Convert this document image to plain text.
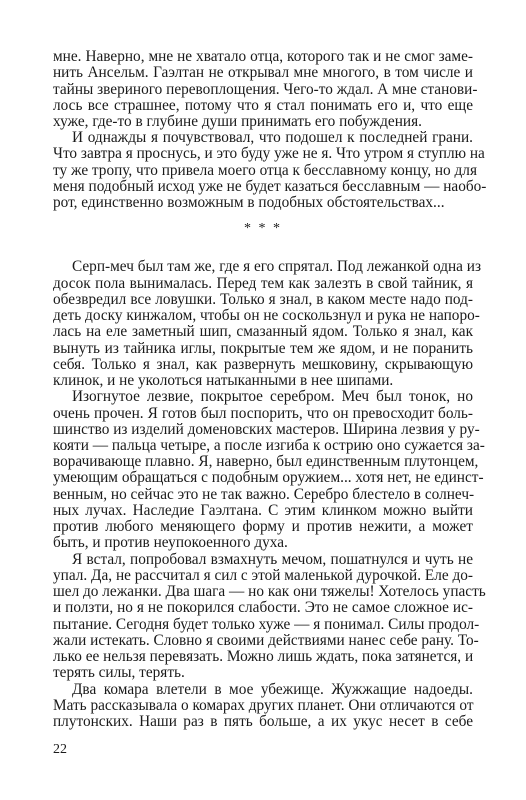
мне. Наверно, мне не хватало отца, которого так и не смог заме-
нить Ансельм. Гаэлтан не открывал мне многого, в том числе и
тайны звериного перевоплощения. Чего-то ждал. А мне станови-
лось все страшнее, потому что я стал понимать его и, что еще
хуже, где-то в глубине души принимать его побуждения.
И однажды я почувствовал, что подошел к последней грани.
Что завтра я проснусь, и это буду уже не я. Что утром я ступлю на
ту же тропу, что привела моего отца к бесславному концу, но для
меня подобный исход уже не будет казаться бесславным — наобо-
рот, единственно возможным в подобных обстоятельствах...
* * *
Серп-меч был там же, где я его спрятал. Под лежанкой одна из
досок пола вынималась. Перед тем как залезть в свой тайник, я
обезвредил все ловушки. Только я знал, в каком месте надо под-
деть доску кинжалом, чтобы он не соскользнул и рука не напоро-
лась на еле заметный шип, смазанный ядом. Только я знал, как
вынуть из тайника иглы, покрытые тем же ядом, и не поранить
себя. Только я знал, как развернуть мешковину, скрывающую
клинок, и не уколоться натыканными в нее шипами.
Изогнутое лезвие, покрытое серебром. Меч был тонок, но
очень прочен. Я готов был поспорить, что он превосходит боль-
шинство из изделий доменовских мастеров. Ширина лезвия у ру-
кояти — пальца четыре, а после изгиба к острию оно сужается за-
ворачивающе плавно. Я, наверно, был единственным плутонцем,
умеющим обращаться с подобным оружием... хотя нет, не единст-
венным, но сейчас это не так важно. Серебро блестело в солнеч-
ных лучах. Наследие Гаэлтана. С этим клинком можно выйти
против любого меняющего форму и против нежити, а может
быть, и против неупокоенного духа.
Я встал, попробовал взмахнуть мечом, пошатнулся и чуть не
упал. Да, не рассчитал я сил с этой маленькой дурочкой. Еле до-
шел до лежанки. Два шага — но как они тяжелы! Хотелось упасть
и ползти, но я не покорился слабости. Это не самое сложное ис-
пытание. Сегодня будет только хуже — я понимал. Силы продол-
жали истекать. Словно я своими действиями нанес себе рану. То-
лько ее нельзя перевязать. Можно лишь ждать, пока затянется, и
терять силы, терять.
Два комара влетели в мое убежище. Жужжащие надоеды.
Мать рассказывала о комарах других планет. Они отличаются от
плутонских. Наши раз в пять больше, а их укус несет в себе
22
